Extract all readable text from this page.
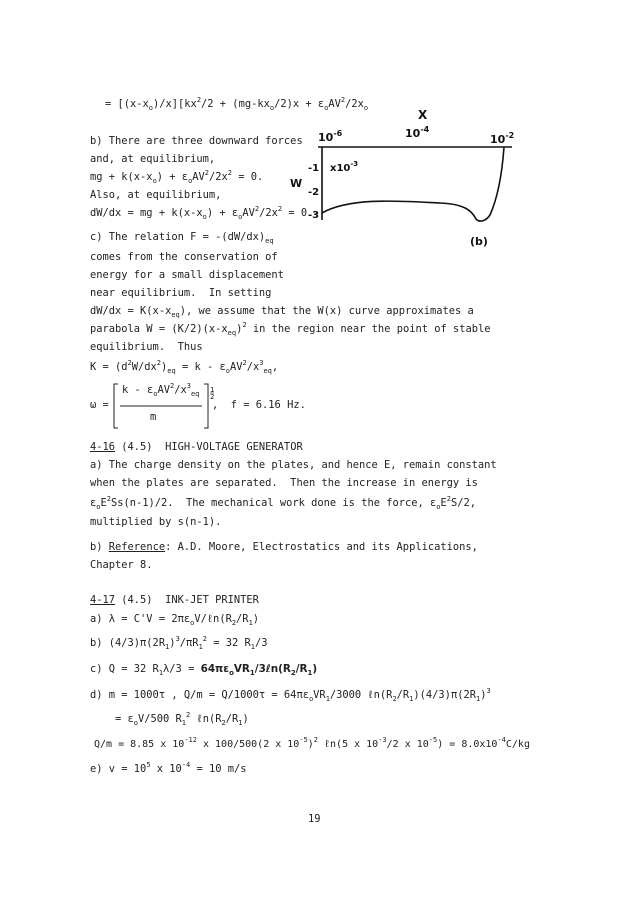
= $[(x-x_o)/x][kx^2/2 + (mg-kx_o/2)x + \varepsilon_oAV^2/2x_o$
b) There are three downward forces
and, at equilibrium,
mg + $k(x-x_o) + \varepsilon_oAV^2/2x^2 = 0$.
Also, at equilibrium,
dW/dx = mg + $k(x-x_o) + \varepsilon_oAV^2/2x^2 = 0$
c) The relation $F = -(dW/dx)_{eq}$
comes from the conservation of
energy for a small displacement
near equilibrium.  In setting
$dW/dx = K(x-x_{eq})$, we assume that the W(x) curve approximates a
parabola $W = (K/2)(x-x_{eq})^2$ in the region near the point of stable
equilibrium.  Thus
$K = (d^2W/dx^2)_{eq} = k - \varepsilon_oAV^2/x^3_{eq}$,
ω =
1
2
k - $\varepsilon_oAV^2/x^3_{eq}$
m
,  f = 6.16 Hz.
4-16 (4.5)  HIGH-VOLTAGE GENERATOR
a) The charge density on the plates, and hence E, remain constant
when the plates are separated.  Then the increase in energy is
$\varepsilon_oE^2Ss(n-1)/2$.  The mechanical work done is the force, $\varepsilon_oE^2S/2$,
multiplied by s(n-1).
b) Reference: A.D. Moore, Electrostatics and its Applications,
Chapter 8.
4-17 (4.5)  INK-JET PRINTER
a) $\lambda = C'V = 2\pi\varepsilon_oV/\ell n(R_2/R_1)$
b) $(4/3)\pi(2R_1)^3/\pi R_1^2 = 32$ $R_1/3$
c) Q = 32 $R_1\lambda/3$ = $64\pi\varepsilon_oVR_1/3\ell n(R_2/R_1)$
d) m = 1000τ , $Q/m = Q/1000\tau = 64\pi\varepsilon_oVR_1/3000$ $\ell n(R_2/R_1)(4/3)\pi(2R_1)^3$
= $\varepsilon_oV/500$ $R_1^2$ $\ell n(R_2/R_1)$
Q/m = 8.85 x $10^{-12}$ x 100/500(2 x $10^{-5})^2$ ℓn(5 x $10^{-3}/2$ x $10^{-5}) = 8.0x10^{-4}C/kg$
e) $v = 10^5$ x $10^{-4} = 10$ m/s
19
X
$10^{-6}$	$10^{-4}$
$10^{-2}$
-1 $x10^{-3}$
-2
-3
W
(b)
